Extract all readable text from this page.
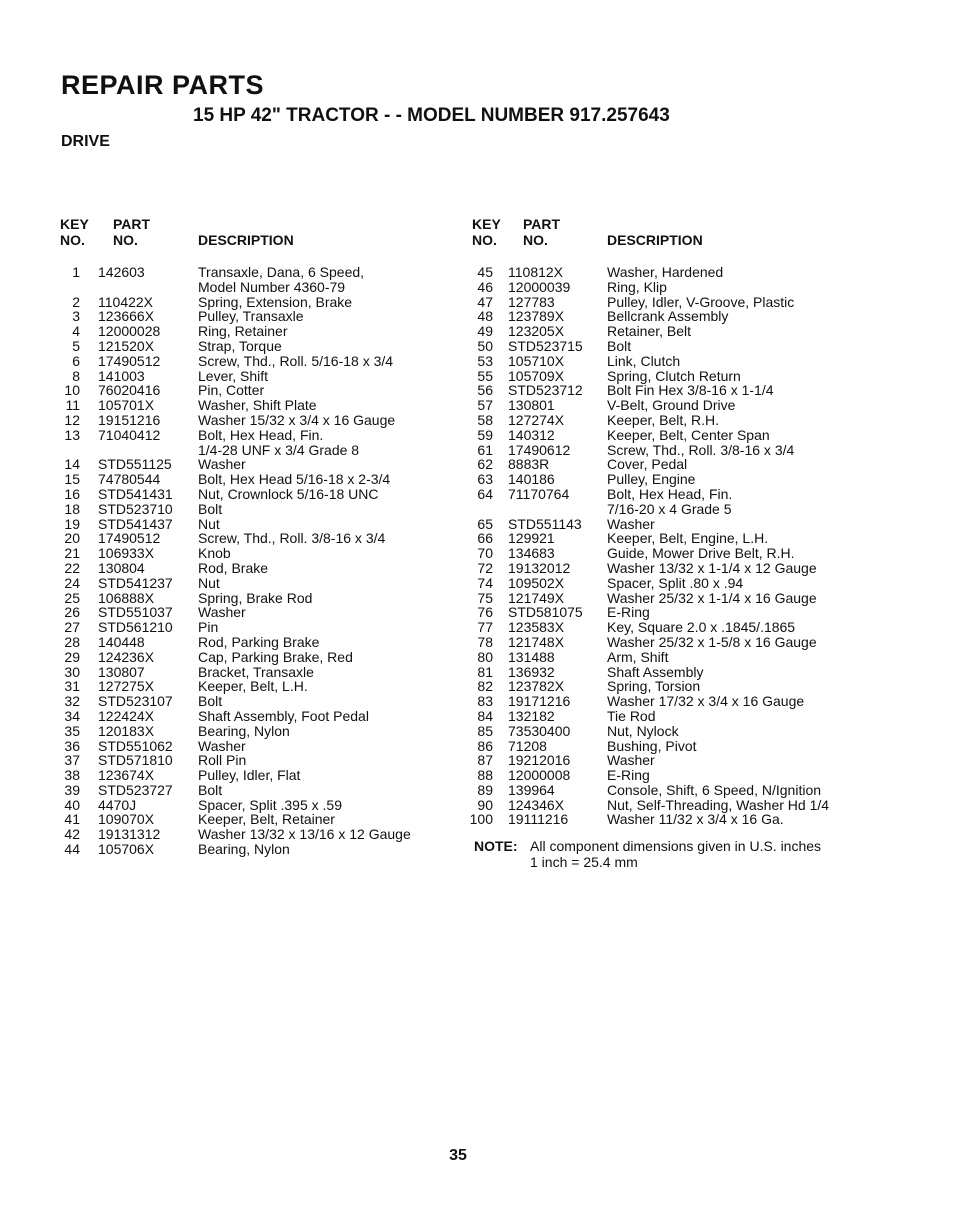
REPAIR PARTS
15 HP 42" TRACTOR - - MODEL NUMBER 917.257643
DRIVE
KEY
NO.
PART
NO.	DESCRIPTION
1 142603	Transaxle, Dana, 6 Speed,
Model Number 4360-79
2 110422X	Spring, Extension, Brake
3 123666X	Pulley, Transaxle
4 12000028	Ring, Retainer
5 121520X	Strap, Torque
6 17490512	Screw, Thd., Roll. 5/16-18 x 3/4
8 141003	Lever, Shift
10 76020416	Pin, Cotter
11 105701X	Washer, Shift Plate
12 19151216	Washer 15/32 x 3/4 x 16 Gauge
13 71040412	Bolt, Hex Head, Fin.
1/4-28 UNF x 3/4 Grade 8
14 STD551125 Washer
15 74780544	Bolt, Hex Head 5/16-18 x 2-3/4
16 STD541431 Nut, Crownlock 5/16-18 UNC
18 STD523710 Bolt
19 STD541437 Nut
20 17490512	Screw, Thd., Roll. 3/8-16 x 3/4
21 106933X	Knob
22 130804	Rod, Brake
24 STD541237 Nut
25 106888X	Spring, Brake Rod
26 STD551037 Washer
27 STD561210 Pin
28 140448	Rod, Parking Brake
29 124236X	Cap, Parking Brake, Red
30 130807	Bracket, Transaxle
31 127275X	Keeper, Belt, L.H.
32 STD523107 Bolt
34 122424X	Shaft Assembly, Foot Pedal
35 120183X	Bearing, Nylon
36 STD551062 Washer
37 STD571810 Roll Pin
38 123674X	Pulley, Idler, Flat
39 STD523727 Bolt
40 4470J	Spacer, Split .395 x .59
41 109070X	Keeper, Belt, Retainer
42 19131312	Washer 13/32 x 13/16 x 12 Gauge
44 105706X	Bearing, Nylon
KEY
NO.
PART
NO.	DESCRIPTION
45 110812X	Washer, Hardened
46 12000039	Ring, Klip
47 127783	Pulley, Idler, V-Groove, Plastic
48 123789X	Bellcrank Assembly
49 123205X	Retainer, Belt
50 STD523715 Bolt
53 105710X	Link, Clutch
55 105709X	Spring, Clutch Return
56 STD523712 Bolt Fin Hex 3/8-16 x 1-1/4
57 130801	V-Belt, Ground Drive
58 127274X	Keeper, Belt, R.H.
59 140312	Keeper, Belt, Center Span
61 17490612	Screw, Thd., Roll. 3/8-16 x 3/4
62 8883R	Cover, Pedal
63 140186	Pulley, Engine
64 71170764	Bolt, Hex Head, Fin.
7/16-20 x 4 Grade 5
65 STD551143 Washer
66 129921	Keeper, Belt, Engine, L.H.
70 134683	Guide, Mower Drive Belt, R.H.
72 19132012	Washer 13/32 x 1-1/4 x 12 Gauge
74 109502X	Spacer, Split .80 x .94
75 121749X	Washer 25/32 x 1-1/4 x 16 Gauge
76 STD581075 E-Ring
77 123583X	Key, Square 2.0 x .1845/.1865
78 121748X	Washer 25/32 x 1-5/8 x 16 Gauge
80 131488	Arm, Shift
81 136932	Shaft Assembly
82 123782X	Spring, Torsion
83 19171216	Washer 17/32 x 3/4 x 16 Gauge
84 132182	Tie Rod
85 73530400	Nut, Nylock
86 71208	Bushing, Pivot
87 19212016	Washer
88 12000008	E-Ring
89 139964	Console, Shift, 6 Speed, N/Ignition
90 124346X	Nut, Self-Threading, Washer Hd 1/4
100 19111216	Washer 11/32 x 3/4 x 16 Ga.
NOTE: All component dimensions given in U.S. inches
1 inch = 25.4 mm
35
